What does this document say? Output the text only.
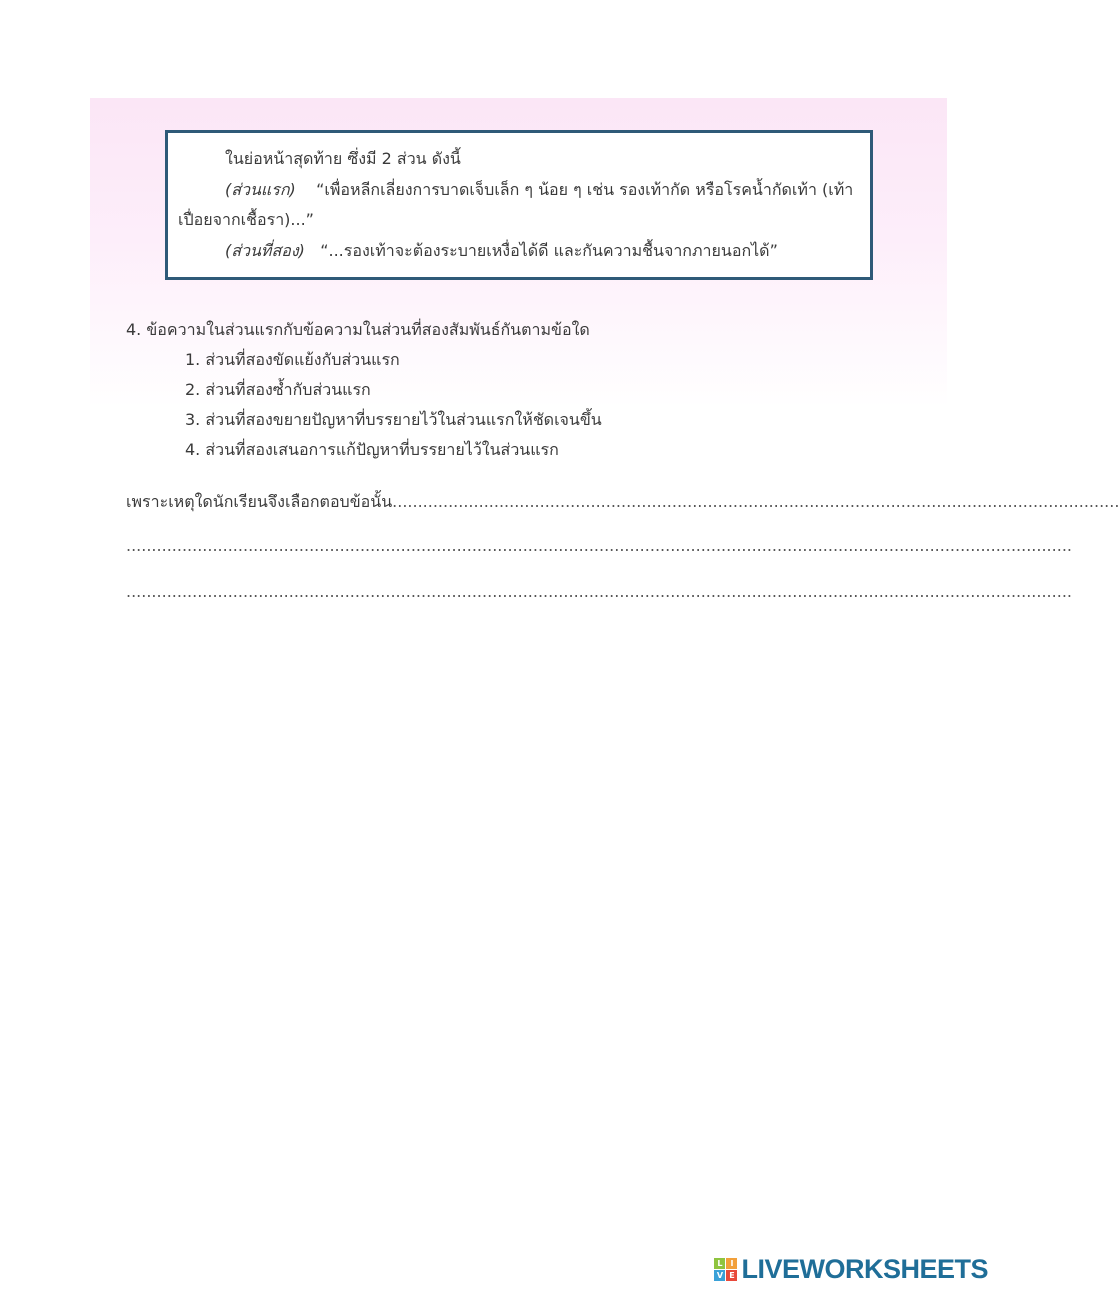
ในย่อหน้าสุดท้าย ซึ่งมี 2 ส่วน ดังนี้
(ส่วนแรก) “เพื่อหลีกเลี่ยงการบาดเจ็บเล็ก ๆ น้อย ๆ เช่น รองเท้ากัด หรือโรคน้ำกัดเท้า (เท้า
เปื่อยจากเชื้อรา)...”
(ส่วนที่สอง) “...รองเท้าจะต้องระบายเหงื่อได้ดี และกันความชื้นจากภายนอกได้”
4. ข้อความในส่วนแรกกับข้อความในส่วนที่สองสัมพันธ์กันตามข้อใด
1. ส่วนที่สองขัดแย้งกับส่วนแรก
2. ส่วนที่สองซ้ำกับส่วนแรก
3. ส่วนที่สองขยายปัญหาที่บรรยายไว้ในส่วนแรกให้ชัดเจนขึ้น
4. ส่วนที่สองเสนอการแก้ปัญหาที่บรรยายไว้ในส่วนแรก
เพราะเหตุใดนักเรียนจึงเลือกตอบข้อนั้น...............................................................................................................................................
..........................................................................................................................................................................................
..........................................................................................................................................................................................
L I
V E LIVEWORKSHEETS
